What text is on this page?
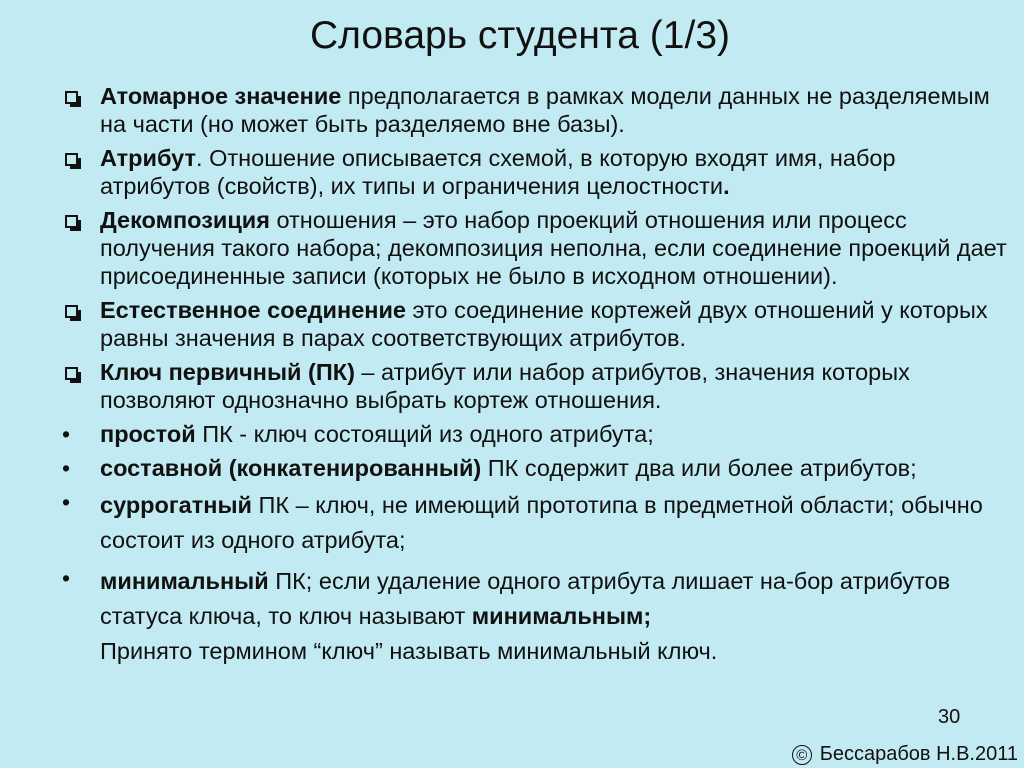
Словарь студента (1/3)
Атомарное значение предполагается в рамках модели данных не разделяемым на части (но может быть разделяемо вне базы).
Атрибут. Отношение описывается схемой, в которую входят имя, набор атрибутов (свойств), их типы и ограничения целостности.
Декомпозиция отношения – это набор проекций отношения или процесс получения такого набора; декомпозиция неполна, если соединение проекций дает присоединенные записи (которых не было в исходном отношении).
Естественное соединение это соединение кортежей двух отношений у которых равны значения в парах соответствующих атрибутов.
Ключ первичный (ПК) – атрибут или набор атрибутов, значения которых позволяют однозначно выбрать кортеж отношения.
• простой ПК - ключ состоящий из одного атрибута;
• составной (конкатенированный) ПК содержит два или более атрибутов;
• суррогатный ПК – ключ, не имеющий прототипа в предметной области; обычно состоит из одного атрибута;
• минимальный ПК; если удаление одного атрибута лишает на-бор атрибутов статуса ключа, то ключ называют минимальным;
Принято термином “ключ” называть минимальный ключ.
30
© Бессарабов Н.В.2011
